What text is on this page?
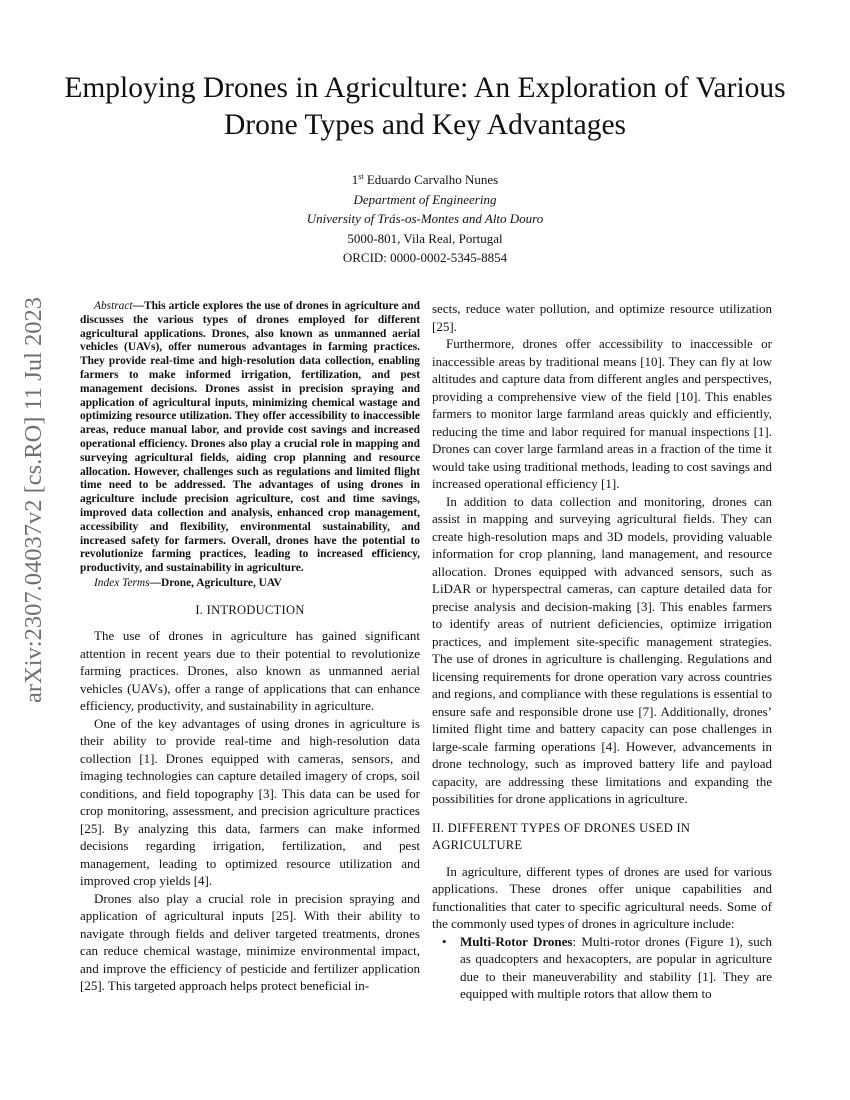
Employing Drones in Agriculture: An Exploration of Various Drone Types and Key Advantages
1st Eduardo Carvalho Nunes
Department of Engineering
University of Trás-os-Montes and Alto Douro
5000-801, Vila Real, Portugal
ORCID: 0000-0002-5345-8854
arXiv:2307.04037v2 [cs.RO] 11 Jul 2023	Abstract—This article explores the use of drones in agriculture and discusses the various types of drones employed for different agricultural applications. Drones, also known as unmanned aerial vehicles (UAVs), offer numerous advantages in farming practices. They provide real-time and high-resolution data collection, enabling farmers to make informed irrigation, fertilization, and pest management decisions. Drones assist in precision spraying and application of agricultural inputs, minimizing chemical wastage and optimizing resource utilization. They offer accessibility to inaccessible areas, reduce manual labor, and provide cost savings and increased operational efficiency. Drones also play a crucial role in mapping and surveying agricultural fields, aiding crop planning and resource allocation. However, challenges such as regulations and limited flight time need to be addressed. The advantages of using drones in agriculture include precision agriculture, cost and time savings, improved data collection and analysis, enhanced crop management, accessibility and flexibility, environmental sustainability, and increased safety for farmers. Overall, drones have the potential to revolutionize farming practices, leading to increased efficiency, productivity, and sustainability in agriculture.

Index Terms—Drone, Agriculture, UAV

I. INTRODUCTION

The use of drones in agriculture has gained significant attention in recent years due to their potential to revolutionize farming practices. Drones, also known as unmanned aerial vehicles (UAVs), offer a range of applications that can enhance efficiency, productivity, and sustainability in agriculture.

One of the key advantages of using drones in agriculture is their ability to provide real-time and high-resolution data collection [1]. Drones equipped with cameras, sensors, and imaging technologies can capture detailed imagery of crops, soil conditions, and field topography [3]. This data can be used for crop monitoring, assessment, and precision agriculture practices [25]. By analyzing this data, farmers can make informed decisions regarding irrigation, fertilization, and pest management, leading to optimized resource utilization and improved crop yields [4].

Drones also play a crucial role in precision spraying and application of agricultural inputs [25]. With their ability to navigate through fields and deliver targeted treatments, drones can reduce chemical wastage, minimize environmental impact, and improve the efficiency of pesticide and fertilizer application [25]. This targeted approach helps protect beneficial in-

sects, reduce water pollution, and optimize resource utilization [25].

Furthermore, drones offer accessibility to inaccessible or inaccessible areas by traditional means [10]. They can fly at low altitudes and capture data from different angles and perspectives, providing a comprehensive view of the field [10]. This enables farmers to monitor large farmland areas quickly and efficiently, reducing the time and labor required for manual inspections [1]. Drones can cover large farmland areas in a fraction of the time it would take using traditional methods, leading to cost savings and increased operational efficiency [1].

In addition to data collection and monitoring, drones can assist in mapping and surveying agricultural fields. They can create high-resolution maps and 3D models, providing valuable information for crop planning, land management, and resource allocation. Drones equipped with advanced sensors, such as LiDAR or hyperspectral cameras, can capture detailed data for precise analysis and decision-making [3]. This enables farmers to identify areas of nutrient deficiencies, optimize irrigation practices, and implement site-specific management strategies. The use of drones in agriculture is challenging. Regulations and licensing requirements for drone operation vary across countries and regions, and compliance with these regulations is essential to ensure safe and responsible drone use [7]. Additionally, drones’ limited flight time and battery capacity can pose challenges in large-scale farming operations [4]. However, advancements in drone technology, such as improved battery life and payload capacity, are addressing these limitations and expanding the possibilities for drone applications in agriculture.

II. DIFFERENT TYPES OF DRONES USED IN AGRICULTURE

In agriculture, different types of drones are used for various applications. These drones offer unique capabilities and functionalities that cater to specific agricultural needs. Some of the commonly used types of drones in agriculture include:

• Multi-Rotor Drones: Multi-rotor drones (Figure 1), such as quadcopters and hexacopters, are popular in agriculture due to their maneuverability and stability [1]. They are equipped with multiple rotors that allow them to
